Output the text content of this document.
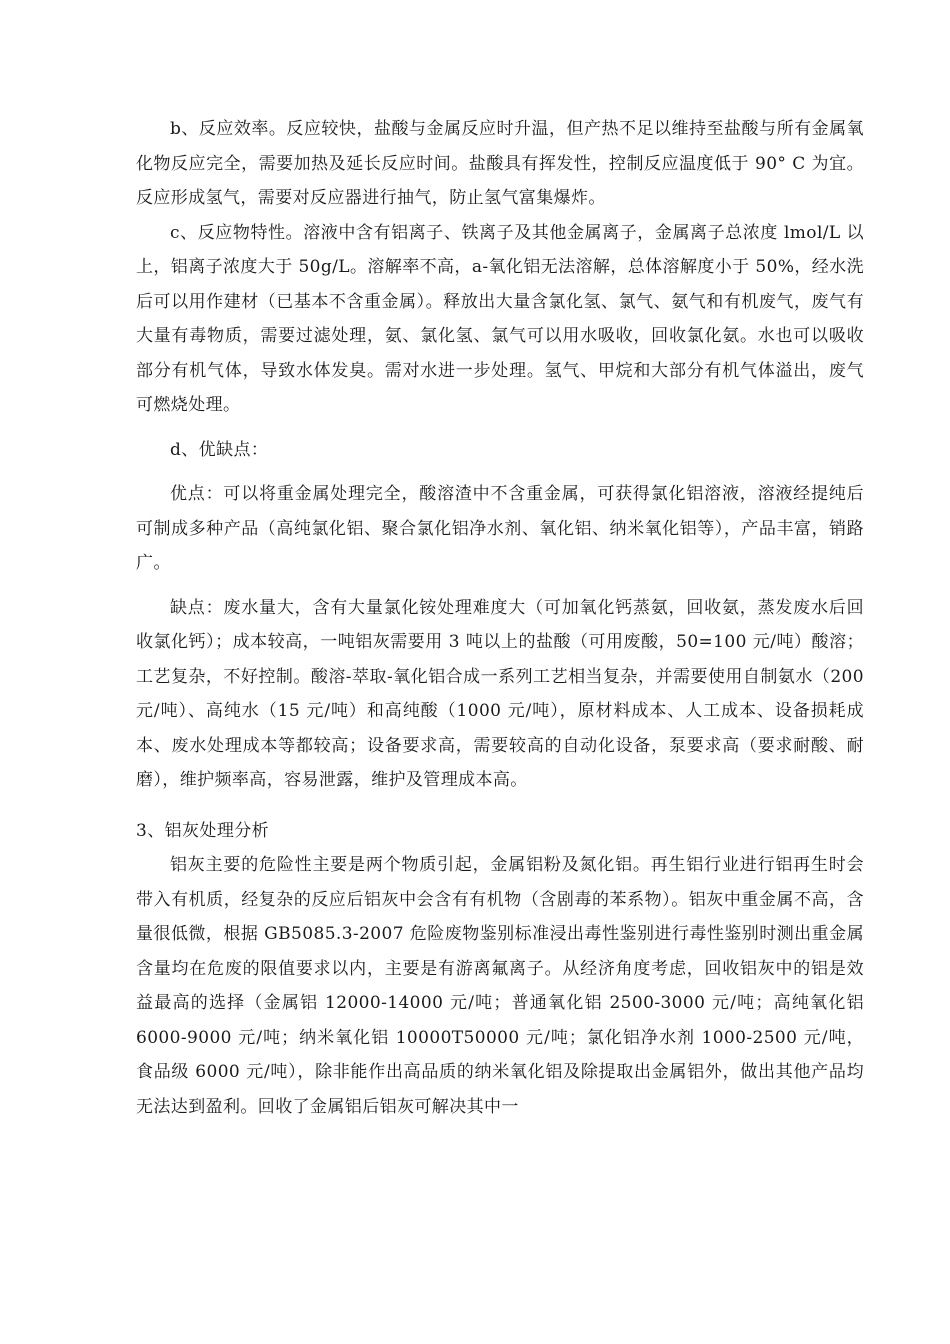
b、反应效率。反应较快，盐酸与金属反应时升温，但产热不足以维持至盐酸与所有金属氧化物反应完全，需要加热及延长反应时间。盐酸具有挥发性，控制反应温度低于 90° C 为宜。反应形成氢气，需要对反应器进行抽气，防止氢气富集爆炸。

c、反应物特性。溶液中含有铝离子、铁离子及其他金属离子，金属离子总浓度 lmol/L 以上，铝离子浓度大于 50g/L。溶解率不高，a-氧化铝无法溶解，总体溶解度小于 50%，经水洗后可以用作建材（已基本不含重金属）。释放出大量含氯化氢、氯气、氨气和有机废气，废气有大量有毒物质，需要过滤处理，氨、氯化氢、氯气可以用水吸收，回收氯化氨。水也可以吸收部分有机气体，导致水体发臭。需对水进一步处理。氢气、甲烷和大部分有机气体溢出，废气可燃烧处理。

d、优缺点：

优点：可以将重金属处理完全，酸溶渣中不含重金属，可获得氯化铝溶液，溶液经提纯后可制成多种产品（高纯氯化铝、聚合氯化铝净水剂、氧化铝、纳米氧化铝等），产品丰富，销路广。

缺点：废水量大，含有大量氯化铵处理难度大（可加氧化钙蒸氨，回收氨，蒸发废水后回收氯化钙）；成本较高，一吨铝灰需要用 3 吨以上的盐酸（可用废酸，50=100 元/吨）酸溶；工艺复杂，不好控制。酸溶-萃取-氧化铝合成一系列工艺相当复杂，并需要使用自制氨水（200 元/吨）、高纯水（15 元/吨）和高纯酸（1000 元/吨），原材料成本、人工成本、设备损耗成本、废水处理成本等都较高；设备要求高，需要较高的自动化设备，泵要求高（要求耐酸、耐磨），维护频率高，容易泄露，维护及管理成本高。

3、铝灰处理分析

铝灰主要的危险性主要是两个物质引起，金属铝粉及氮化铝。再生铝行业进行铝再生时会带入有机质，经复杂的反应后铝灰中会含有有机物（含剧毒的苯系物）。铝灰中重金属不高，含量很低微，根据 GB5085.3-2007 危险废物鉴别标准浸出毒性鉴别进行毒性鉴别时测出重金属含量均在危废的限值要求以内，主要是有游离氟离子。从经济角度考虑，回收铝灰中的铝是效益最高的选择（金属铝 12000-14000 元/吨；普通氧化铝 2500-3000 元/吨；高纯氧化铝 6000-9000 元/吨；纳米氧化铝 10000T50000 元/吨；氯化铝净水剂 1000-2500 元/吨，食品级 6000 元/吨），除非能作出高品质的纳米氧化铝及除提取出金属铝外，做出其他产品均无法达到盈利。回收了金属铝后铝灰可解决其中一
